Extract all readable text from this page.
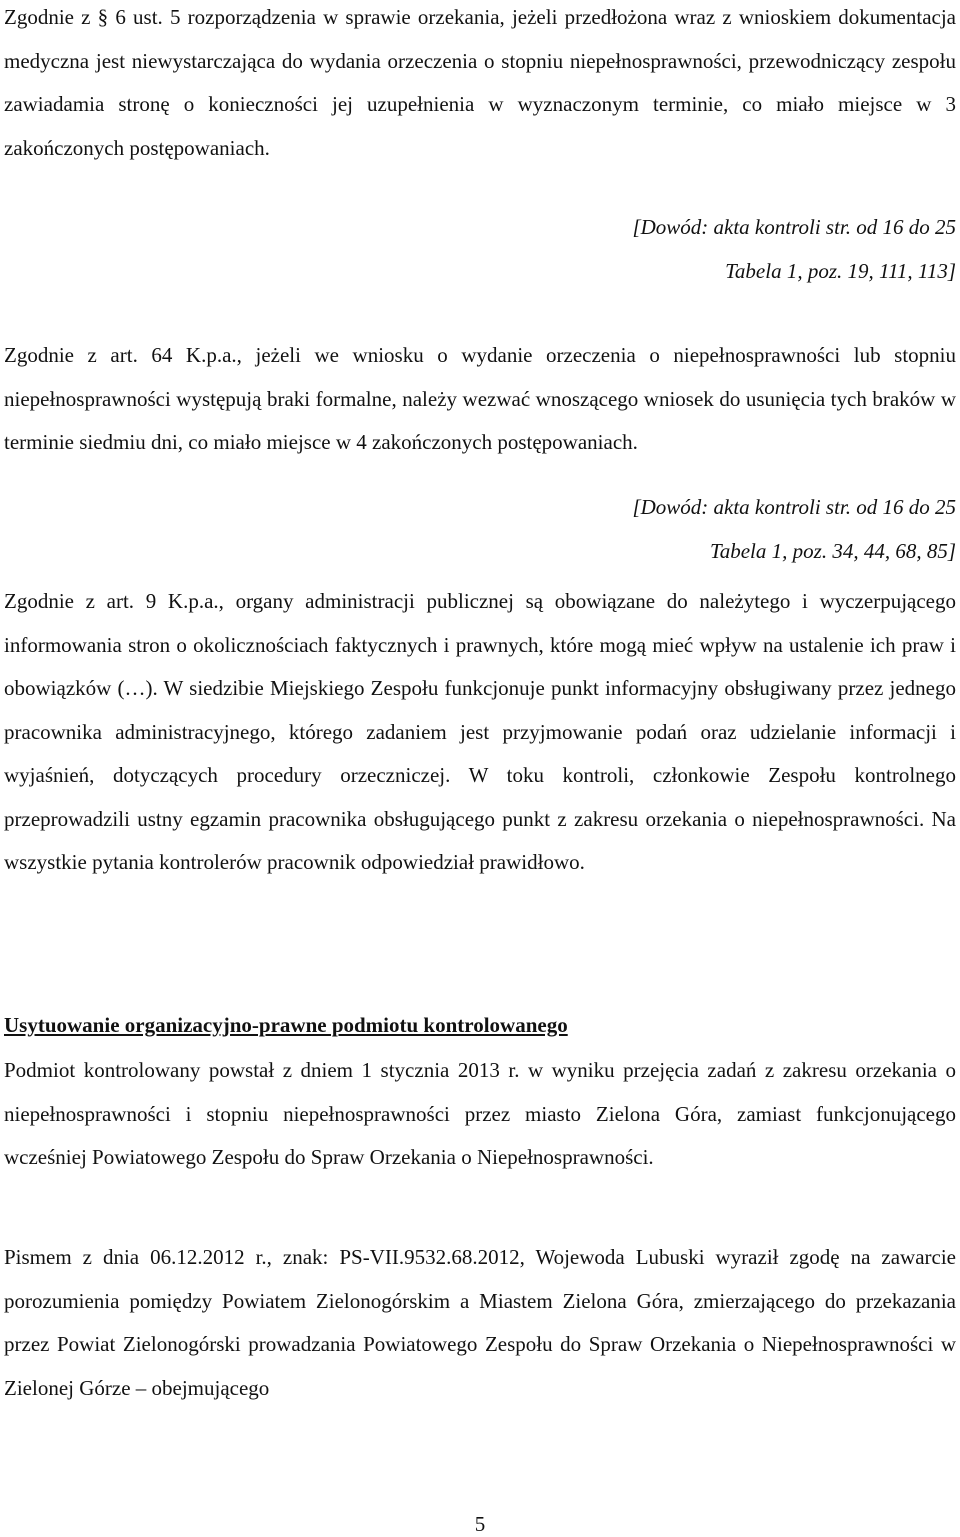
Zgodnie z § 6 ust. 5 rozporządzenia w sprawie orzekania, jeżeli przedłożona wraz z wnioskiem dokumentacja medyczna jest niewystarczająca do wydania orzeczenia o stopniu niepełnosprawności, przewodniczący zespołu zawiadamia stronę o konieczności jej uzupełnienia w wyznaczonym terminie, co miało miejsce w 3 zakończonych postępowaniach.

[Dowód: akta kontroli str. od 16 do 25
Tabela 1, poz. 19, 111, 113]

Zgodnie z art. 64 K.p.a., jeżeli we wniosku o wydanie orzeczenia o niepełnosprawności lub stopniu niepełnosprawności występują braki formalne, należy wezwać wnoszącego wniosek do usunięcia tych braków w terminie siedmiu dni, co miało miejsce w 4 zakończonych postępowaniach.

[Dowód: akta kontroli str. od 16 do 25
Tabela 1, poz. 34, 44, 68, 85]

Zgodnie z art. 9 K.p.a., organy administracji publicznej są obowiązane do należytego i wyczerpującego informowania stron o okolicznościach faktycznych i prawnych, które mogą mieć wpływ na ustalenie ich praw i obowiązków (…). W siedzibie Miejskiego Zespołu funkcjonuje punkt informacyjny obsługiwany przez jednego pracownika administracyjnego, którego zadaniem jest przyjmowanie podań oraz udzielanie informacji i wyjaśnień, dotyczących procedury orzeczniczej. W toku kontroli, członkowie Zespołu kontrolnego przeprowadzili ustny egzamin pracownika obsługującego punkt z zakresu orzekania o niepełnosprawności. Na wszystkie pytania kontrolerów pracownik odpowiedział prawidłowo.

Usytuowanie organizacyjno-prawne podmiotu kontrolowanego

Podmiot kontrolowany powstał z dniem 1 stycznia 2013 r. w wyniku przejęcia zadań z zakresu orzekania o niepełnosprawności i stopniu niepełnosprawności przez miasto Zielona Góra, zamiast funkcjonującego wcześniej Powiatowego Zespołu do Spraw Orzekania o Niepełnosprawności.

Pismem z dnia 06.12.2012 r., znak: PS-VII.9532.68.2012, Wojewoda Lubuski wyraził zgodę na zawarcie porozumienia pomiędzy Powiatem Zielonogórskim a Miastem Zielona Góra, zmierzającego do przekazania przez Powiat Zielonogórski prowadzania Powiatowego Zespołu do Spraw Orzekania o Niepełnosprawności w Zielonej Górze – obejmującego

5
